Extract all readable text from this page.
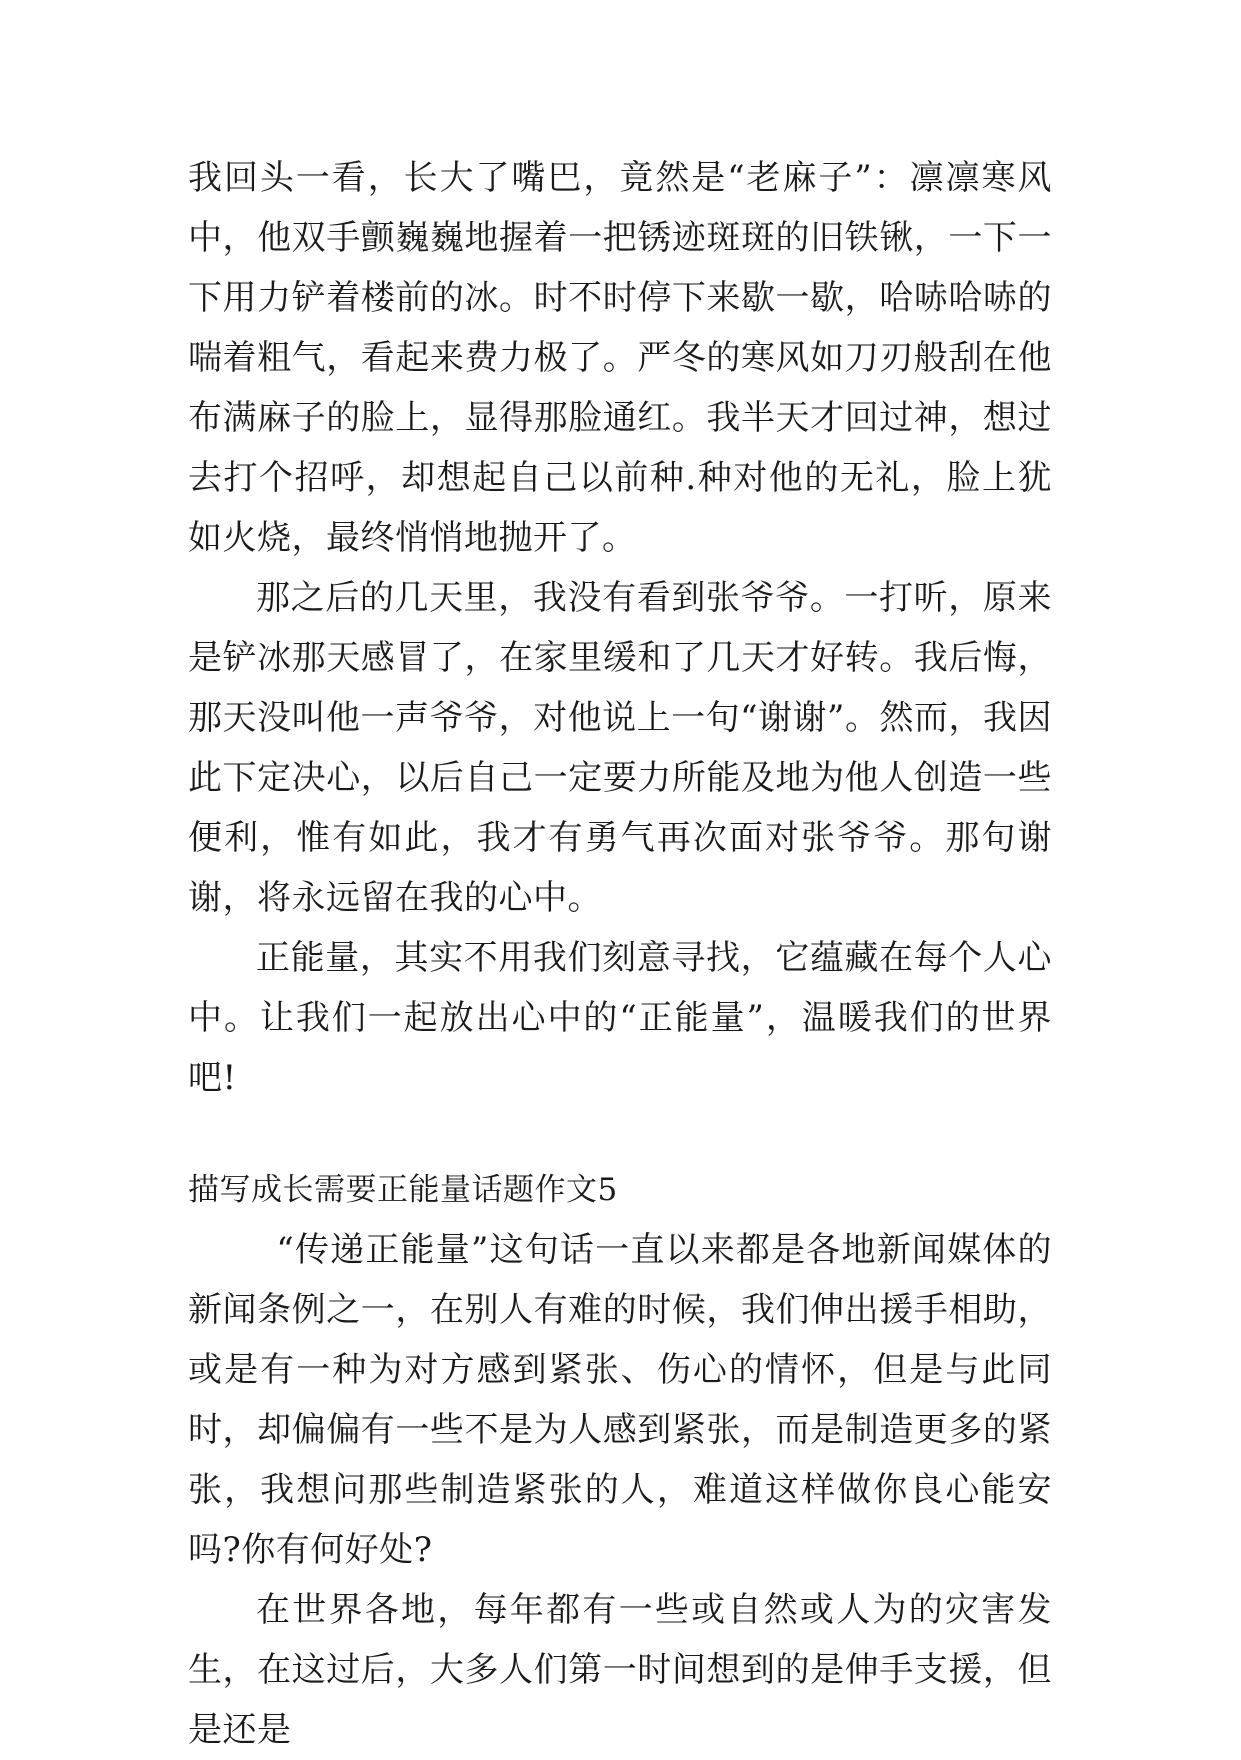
我回头一看，长大了嘴巴，竟然是“老麻子”：凛凛寒风中，他双手颤巍巍地握着一把锈迹斑斑的旧铁锹，一下一下用力铲着楼前的冰。时不时停下来歇一歇，哈哧哈哧的喘着粗气，看起来费力极了。严冬的寒风如刀刃般刮在他布满麻子的脸上，显得那脸通红。我半天才回过神，想过去打个招呼，却想起自己以前种.种对他的无礼，脸上犹如火烧，最终悄悄地抛开了。

那之后的几天里，我没有看到张爷爷。一打听，原来是铲冰那天感冒了，在家里缓和了几天才好转。我后悔，那天没叫他一声爷爷，对他说上一句“谢谢”。然而，我因此下定决心，以后自己一定要力所能及地为他人创造一些便利，惟有如此，我才有勇气再次面对张爷爷。那句谢谢，将永远留在我的心中。

正能量，其实不用我们刻意寻找，它蕴藏在每个人心中。让我们一起放出心中的“正能量”，温暖我们的世界吧!

描写成长需要正能量话题作文5

“传递正能量”这句话一直以来都是各地新闻媒体的新闻条例之一，在别人有难的时候，我们伸出援手相助，或是有一种为对方感到紧张、伤心的情怀，但是与此同时，却偏偏有一些不是为人感到紧张，而是制造更多的紧张，我想问那些制造紧张的人，难道这样做你良心能安吗?你有何好处?

在世界各地，每年都有一些或自然或人为的灾害发生，在这过后，大多人们第一时间想到的是伸手支援，但是还是
